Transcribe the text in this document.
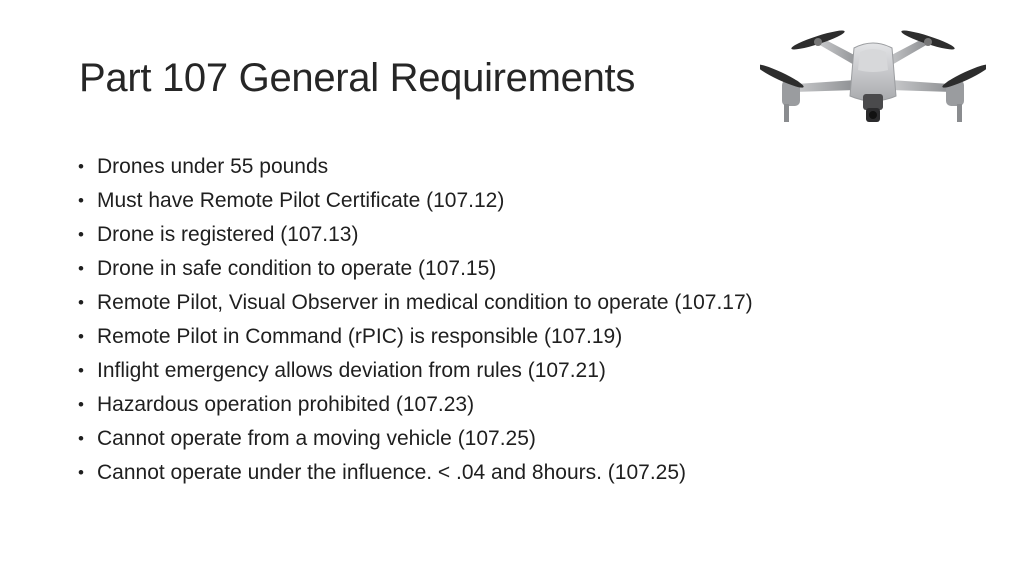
Part 107 General Requirements
• Drones under 55 pounds
• Must have Remote Pilot Certificate (107.12)
• Drone is registered (107.13)
• Drone in safe condition to operate (107.15)
• Remote Pilot, Visual Observer in medical condition to operate (107.17)
• Remote Pilot in Command (rPIC) is responsible (107.19)
• Inflight emergency allows deviation from rules (107.21)
• Hazardous operation prohibited (107.23)
• Cannot operate from a moving vehicle (107.25)
• Cannot operate under the influence. < .04 and 8hours. (107.25)
